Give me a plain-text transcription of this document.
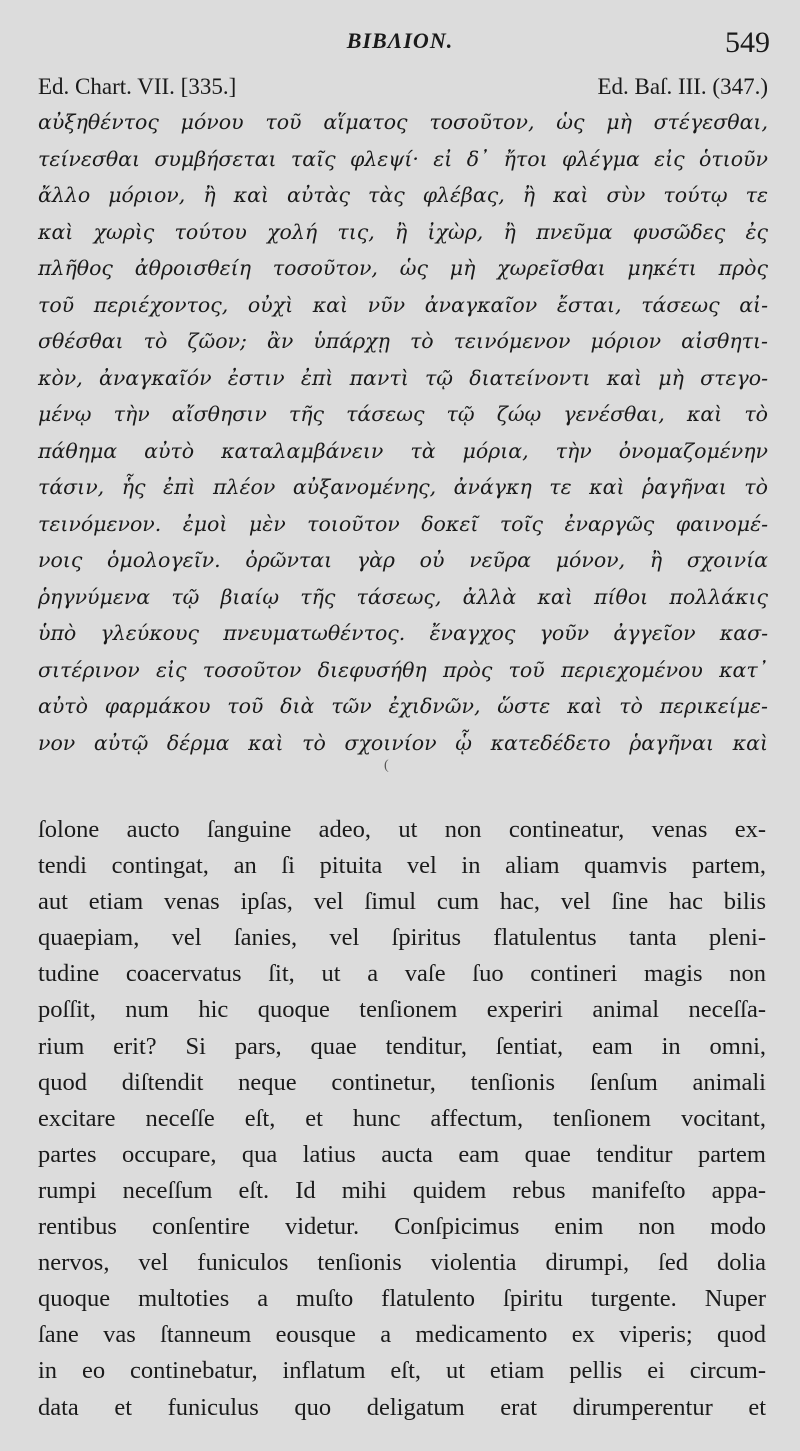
ΒΙΒΛΙΟΝ.	549
Ed. Chart. VII. [335.]	Ed. Baſ. III. (347.)
αὐξηθέντος μόνου τοῦ αἵματος τοσοῦτον, ὡς μὴ στέγεσθαι,
τείνεσθαι συμβήσεται ταῖς φλεψί· εἰ δ᾽ ἤτοι φλέγμα εἰς ὁτιοῦν
ἄλλο μόριον, ἢ καὶ αὐτὰς τὰς φλέβας, ἢ καὶ σὺν τούτῳ τε
καὶ χωρὶς τούτου χολή τις, ἢ ἰχὼρ, ἢ πνεῦμα φυσῶδες ἐς
πλῆθος ἀθροισθείη τοσοῦτον, ὡς μὴ χωρεῖσθαι μηκέτι πρὸς
τοῦ περιέχοντος, οὐχὶ καὶ νῦν ἀναγκαῖον ἔσται, τάσεως αἰ-
σθέσθαι τὸ ζῶον; ἂν ὑπάρχῃ τὸ τεινόμενον μόριον αἰσθητι-
κὸν, ἀναγκαῖόν ἐστιν ἐπὶ παντὶ τῷ διατείνοντι καὶ μὴ στεγο-
μένῳ τὴν αἴσθησιν τῆς τάσεως τῷ ζώῳ γενέσθαι, καὶ τὸ
πάθημα αὐτὸ καταλαμβάνειν τὰ μόρια, τὴν ὀνομαζομένην
τάσιν, ἧς ἐπὶ πλέον αὐξανομένης, ἀνάγκη τε καὶ ῥαγῆναι τὸ
τεινόμενον. ἐμοὶ μὲν τοιοῦτον δοκεῖ τοῖς ἐναργῶς φαινομέ-
νοις ὁμολογεῖν. ὁρῶνται γὰρ οὐ νεῦρα μόνον, ἢ σχοινία
ῥηγνύμενα τῷ βιαίῳ τῆς τάσεως, ἀλλὰ καὶ πίθοι πολλάκις
ὑπὸ γλεύκους πνευματωθέντος. ἔναγχος γοῦν ἀγγεῖον κασ-
σιτέρινον εἰς τοσοῦτον διεφυσήθη πρὸς τοῦ περιεχομένου κατ᾽
αὐτὸ φαρμάκου τοῦ διὰ τῶν ἐχιδνῶν, ὥστε καὶ τὸ περικείμε-
νον αὐτῷ δέρμα καὶ τὸ σχοινίον ᾧ κατεδέδετο ῥαγῆναι καὶ
(
ſolone aucto ſanguine adeo, ut non contineatur, venas ex-
tendi contingat, an ſi pituita vel in aliam quamvis partem,
aut etiam venas ipſas, vel ſimul cum hac, vel ſine hac bilis
quaepiam, vel ſanies, vel ſpiritus flatulentus tanta pleni-
tudine coacervatus ſit, ut a vaſe ſuo contineri magis non
poſſit, num hic quoque tenſionem experiri animal neceſſa-
rium erit? Si pars, quae tenditur, ſentiat, eam in omni,
quod diſtendit neque continetur, tenſionis ſenſum animali
excitare neceſſe eſt, et hunc affectum, tenſionem vocitant,
partes occupare, qua latius aucta eam quae tenditur partem
rumpi neceſſum eſt. Id mihi quidem rebus manifeſto appa-
rentibus conſentire videtur. Conſpicimus enim non modo
nervos, vel funiculos tenſionis violentia dirumpi, ſed dolia
quoque multoties a muſto flatulento ſpiritu turgente. Nuper
ſane vas ſtanneum eousque a medicamento ex viperis; quod
in eo continebatur, inflatum eſt, ut etiam pellis ei circum-
data et funiculus quo deligatum erat dirumperentur et
